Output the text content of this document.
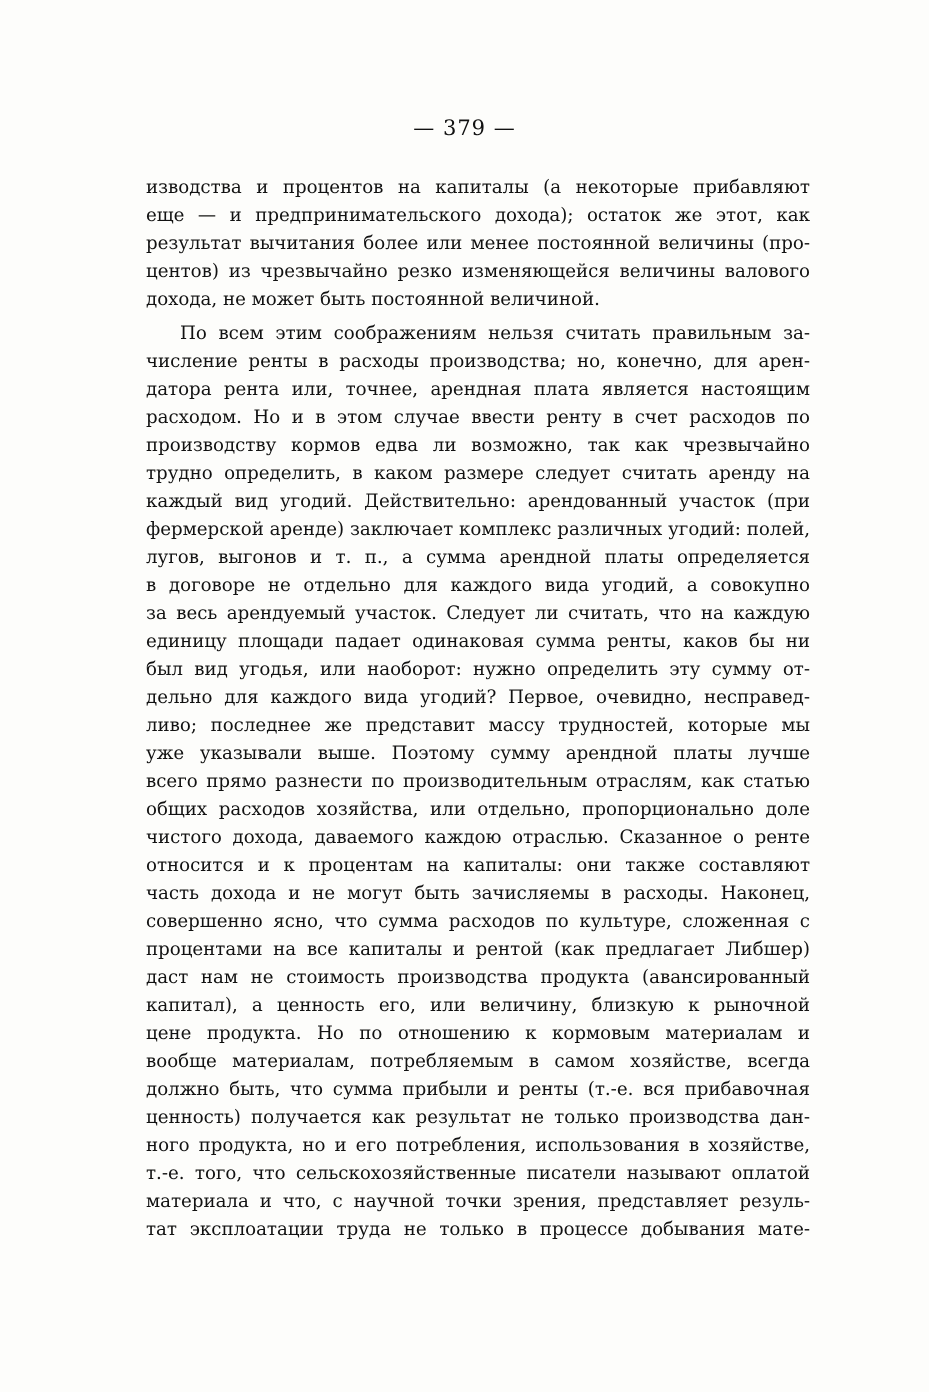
— 379 —
изводства и процентов на капиталы (а некоторые прибавляют
еще — и предпринимательского дохода); остаток же этот, как
результат вычитания более или менее постоянной величины (про-
центов) из чрезвычайно резко изменяющейся величины валового
дохода, не может быть постоянной величиной.
По всем этим соображениям нельзя считать правильным за-
числение ренты в расходы производства; но, конечно, для арен-
датора рента или, точнее, арендная плата является настоящим
расходом. Но и в этом случае ввести ренту в счет расходов по
производству кормов едва ли возможно, так как чрезвычайно
трудно определить, в каком размере следует считать аренду на
каждый вид угодий. Действительно: арендованный участок (при
фермерской аренде) заключает комплекс различных угодий: полей,
лугов, выгонов и т. п., а сумма арендной платы определяется
в договоре не отдельно для каждого вида угодий, а совокупно
за весь арендуемый участок. Следует ли считать, что на каждую
единицу площади падает одинаковая сумма ренты, каков бы ни
был вид угодья, или наоборот: нужно определить эту сумму от-
дельно для каждого вида угодий? Первое, очевидно, несправед-
ливо; последнее же представит массу трудностей, которые мы
уже указывали выше. Поэтому сумму арендной платы лучше
всего прямо разнести по производительным отраслям, как статью
общих расходов хозяйства, или отдельно, пропорционально доле
чистого дохода, даваемого каждою отраслью. Сказанное о ренте
относится и к процентам на капиталы: они также составляют
часть дохода и не могут быть зачисляемы в расходы. Наконец,
совершенно ясно, что сумма расходов по культуре, сложенная с
процентами на все капиталы и рентой (как предлагает Либшер)
даст нам не стоимость производства продукта (авансированный
капитал), а ценность его, или величину, близкую к рыночной
цене продукта. Но по отношению к кормовым материалам и
вообще материалам, потребляемым в самом хозяйстве, всегда
должно быть, что сумма прибыли и ренты (т.-е. вся прибавочная
ценность) получается как результат не только производства дан-
ного продукта, но и его потребления, использования в хозяйстве,
т.-е. того, что сельскохозяйственные писатели называют оплатой
материала и что, с научной точки зрения, представляет резуль-
тат эксплоатации труда не только в процессе добывания мате-
